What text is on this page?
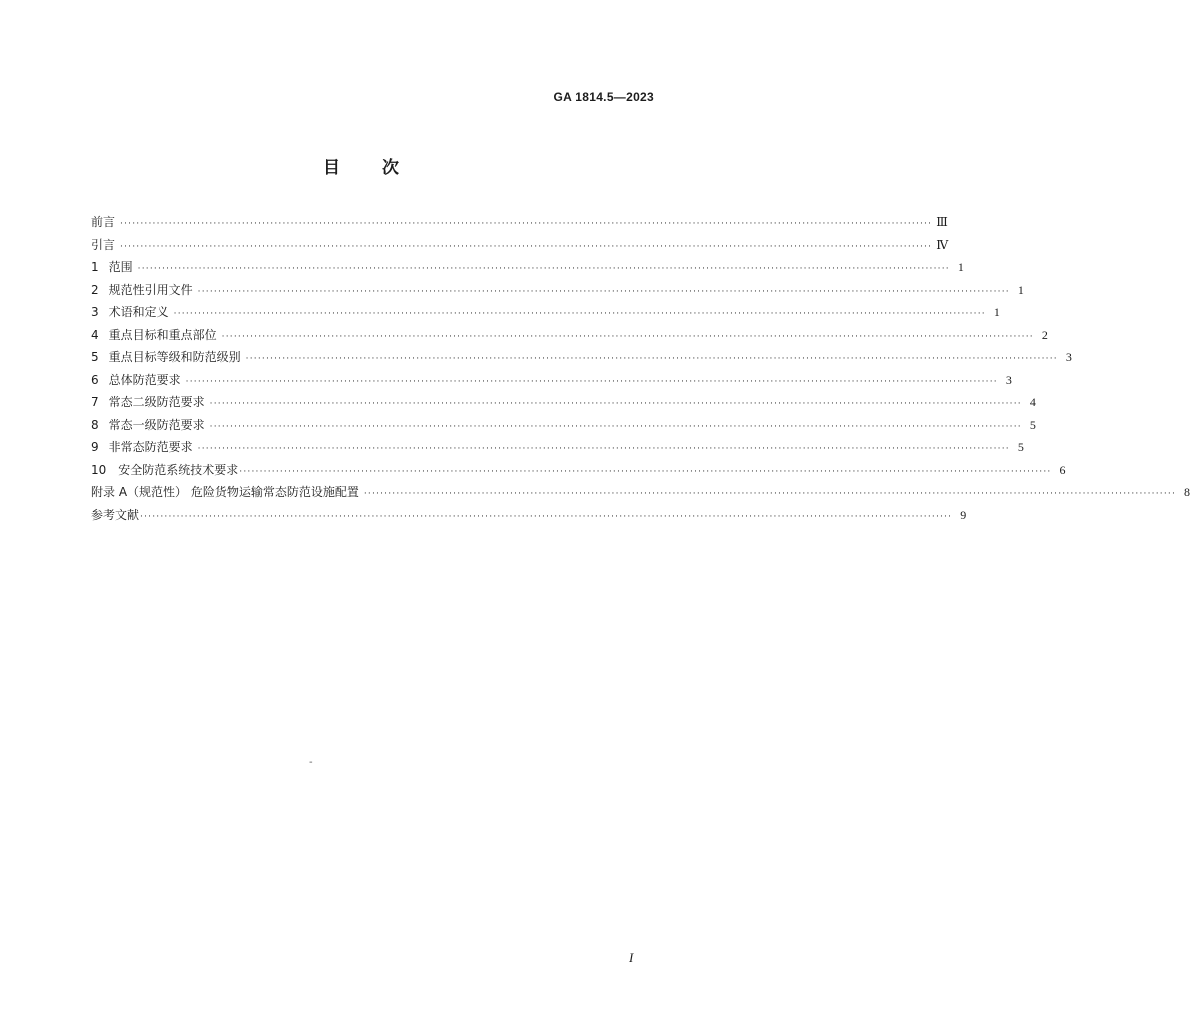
GA 1814.5—2023
目 次
前言 ········································································································································································································ Ⅲ
引言 ········································································································································································································ Ⅳ
1 范围 ········································································································································································································ 1
2 规范性引用文件 ········································································································································································································ 1
3 术语和定义 ········································································································································································································ 1
4 重点目标和重点部位 ········································································································································································································ 2
5 重点目标等级和防范级别 ········································································································································································································ 3
6 总体防范要求 ········································································································································································································ 3
7 常态二级防范要求 ········································································································································································································ 4
8 常态一级防范要求 ········································································································································································································ 5
9 非常态防范要求 ········································································································································································································ 5
10 安全防范系统技术要求 ········································································································································································································ 6
附录 A（规范性） 危险货物运输常态防范设施配置 ········································································································································································································ 8
参考文献 ········································································································································································································ 9
-
I
